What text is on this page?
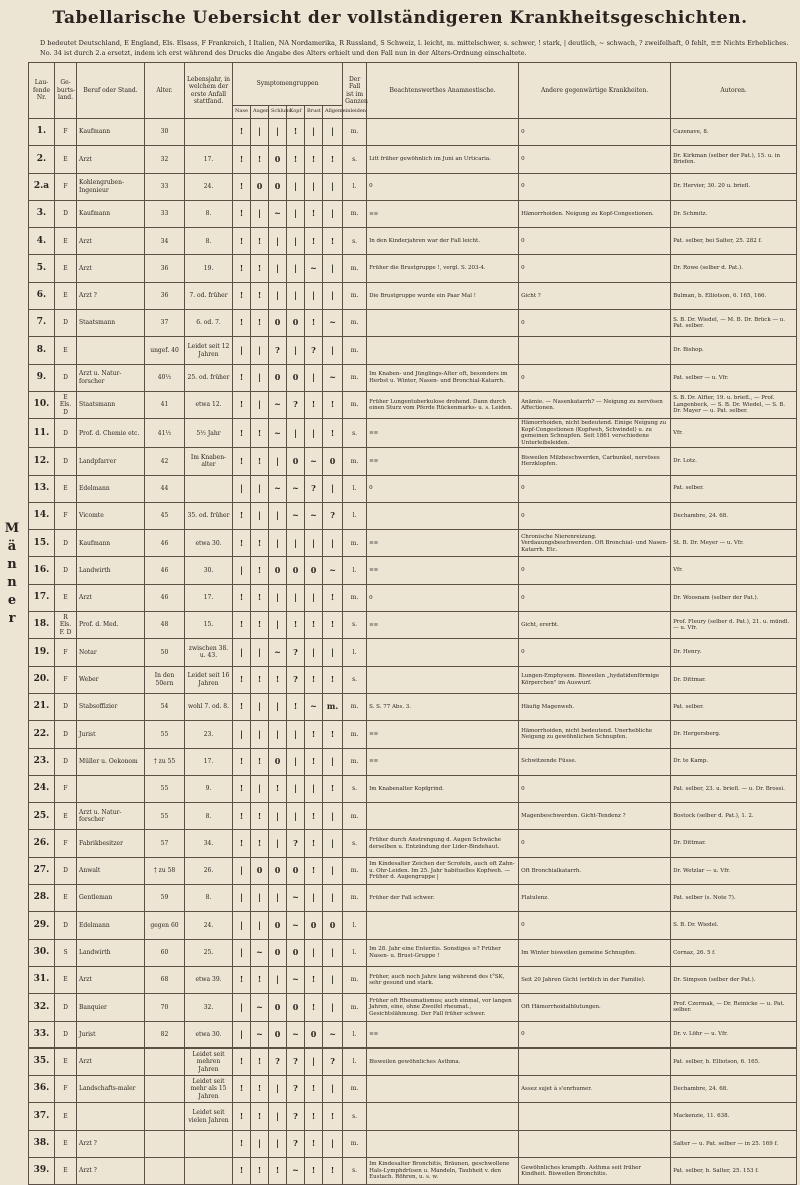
Tabellarische Uebersicht der vollständigeren Krankheitsgeschichten.
D bedeutet Deutschland, E England, Els. Elsass, F Frankreich, I Italien, NA Nordamerika, R Russland, S Schweiz, l. leicht, m. mittelschwer, s. schwer, ! stark, | deutlich, ~ schwach, ? zweifelhaft, 0 fehlt, ≡≡ Nichts Erhebliches.
No. 34 ist durch 2.a ersetzt, indem ich erst während des Drucks die Angabe des Alters erhielt und den Fall nun in der Alters-Ordnung einschaltete.
M
ä
n
n
e
r
Lau-fende Nr.	Ge-burts-land.	Beruf oder Stand.	Alter.	Lebensjahr, in welchem der erste Anfall stattfand.	Symptomengruppen						Der Fall ist im Ganzen	Beachtenswerthes Anamnestische.	Andere gegenwärtige Krankheiten.	Autoren.
					Nase	Augen	Schlund	Kopf	Brust	Allgemeinleiden				
1.	F	Kaufmann	30		!	|	|	!	|	|	m.		0	Cazenave, 8.
2.	E	Arzt	32	17.	!	!	0	!	!	!	s.	Litt früher gewöhnlich im Juni an Urticaria.	0	Dr. Kirkman (selber der Pat.), 15. u. in Briefen.
2.a	F	Kohlengruben-Ingenieur	33	24.	!	0	0	|	|	|	l.	0	0	Dr. Hervier, 30. 20 u. briefl.
3.	D	Kaufmann	33	8.	!	|	~	|	!	|	m.	≡≡	Hämorrhoiden. Neigung zu Kopf-Congestionen.	Dr. Schmitz.
4.	E	Arzt	34	8.	!	!	|	|	!	!	s.	In den Kinderjahren war der Fall leicht.	0	Pat. selber, bei Salter, 25. 282 f.
5.	E	Arzt	36	19.	!	!	|	|	~	|	m.	Früher die Brustgruppe !, vergl. S. 203-4.	0	Dr. Rowe (selber d. Pat.).
6.	E	Arzt ?	36	7. od. früher	!	!	|	|	|	|	m.	Die Brustgruppe wurde ein Paar Mal !	Gicht ?	Bulman, b. Elliotson, 6. 165, 166.
7.	D	Staatsmann	37	6. od. 7.	!	!	0	0	!	~	m.		0	S. B. Dr. Wiedel, — M. B. Dr. Brück — u. Pat. selber.
8.	E		ungef. 40	Leidet seit 12 Jahren	|	|	?	|	?	|	m.			Dr. Bishop.
9.	D	Arzt u. Natur-forscher	40½	25. od. früher	!	|	0	0	|	~	m.	Im Knaben- und Jünglings-Alter oft, besonders im Herbst u. Winter, Nasen- und Bronchial-Katarrh.	0	Pat. selber — u. Vfr.
10.	E Els. D	Staatsmann	41	etwa 12.	!	|	~	?	!	!	m.	Früher Lungentuberkulose drohend. Dann durch einen Sturz vom Pferde Rückenmarks- u. s. Leiden.	Anämie. — Nasenkatarrh? — Neigung zu nervösen Affectionen.	S. B. Dr. Alfter, 19. u. briefl., — Prof. Langenbeck, — S. B. Dr. Wiedel, — S. B. Dr. Mayer — u. Pat. selber.
11.	D	Prof. d. Chemie etc.	41½	5½ Jahr	!	!	~	|	|	!	s.	≡≡	Hämorrhoiden, nicht bedeutend. Einige Neigung zu Kopf-Congestionen (Kopfweh, Schwindel) u. zu gemeinen Schnupfen. Seit 1861 verschiedene Unterleibsleiden.	Vfr.
12.	D	Landpfarrer	42	Im Knaben-alter	!	!	|	0	~	0	m.	≡≡	Bisweilen Milzbeschwerden, Carbunkel, nervöses Herzklopfen.	Dr. Lotz.
13.	E	Edelmann	44		|	|	~	~	?	|	l.	0	0	Pat. selber.
14.	F	Vicomte	45	35. od. früher	!	|	|	~	~	?	l.		0	Dechambre, 24. 68.
15.	D	Kaufmann	46	etwa 30.	!	!	|	|	|	|	m.	≡≡	Chronische Nierenreizung. Verdauungsbeschwerden. Oft Bronchial- und Nasen-Katarrh. Etc.	St. B. Dr. Meyer — u. Vfr.
16.	D	Landwirth	46	30.	|	!	0	0	0	~	l.	≡≡	0	Vfr.
17.	E	Arzt	46	17.	!	!	|	|	|	!	m.	0	0	Dr. Woosnam (selber der Pat.).
18.	R Els. F. D	Prof. d. Med.	48	15.	!	!	|	!	!	!	s.	≡≡	Gicht, ererbt.	Prof. Fleury (selber d. Pat.), 21. u. mündl. — u. Vfr.
19.	F	Notar	50	zwischen 38. u. 43.	|	|	~	?	|	|	l.		0	Dr. Henry.
20.	F	Weber	In den 50ern	Leidet seit 16 Jahren	!	!	!	?	!	!	s.		Lungen-Emphysem. Bisweilen „hydatidenförmige Körperchen" im Auswurf.	Dr. Dittmar.
21.	D	Stabsoffizier	54	wohl 7. od. 8.	!	|	|	!	~	m.	m.	S. S. 77 Abs. 3.	Häufig Magenweh.	Pat. selber.
22.	D	Jurist	55	23.	|	|	|	|	!	!	m.	≡≡	Hämorrhoiden, nicht bedeutend. Unerhebliche Neigung zu gewöhnlichen Schnupfen.	Dr. Hergersberg.
23.	D	Müller u. Oekonom	† zu 55	17.	!	!	0	|	!	|	m.	≡≡	Schwitzende Füsse.	Dr. te Kamp.
24.	F		55	9.	!	|	!	|	|	!	s.	Im Knabenalter Kopfgrind.	0	Pat. selber, 23. u. briefl. — u. Dr. Brossi.
25.	E	Arzt u. Natur-forscher	55	8.	!	!	|	|	!	|	m.		Magenbeschwerden. Gicht-Tendenz ?	Bostock (selber d. Pat.), 1. 2.
26.	F	Fabrikbesitzer	57	34.	!	!	|	?	!	|	s.	Früher durch Anstrengung d. Augen Schwäche derselben u. Entzündung der Lider-Bindehaut.	0	Dr. Dittmar.
27.	D	Anwalt	† zu 58	26.	|	0	0	0	!	|	m.	Im Kindesalter Zeichen der Scrofeln, auch oft Zahn- u. Ohr-Leiden. Im 25. Jahr habituelles Kopfweh. — Früher d. Augengruppe |	Oft Bronchialkatarrh.	Dr. Wetzlar — u. Vfr.
28.	E	Gentleman	59	8.	|	|	|	~	|	|	m.	Früher der Fall schwer.	Flatulenz.	Pat. selber (s. Note 7).
29.	D	Edelmann	gegen 60	24.	|	|	0	~	0	0	l.		0	S. B. Dr. Wiedel.
30.	S	Landwirth	60	25.	|	~	0	0	|	|	l.	Im 28. Jahr eine Enteritis. Sonstiges ≡? Früher Nasen- u. Brust-Gruppe !	Im Winter bisweilen gemeine Schnupfen.	Cornaz, 26. 5 f.
31.	E	Arzt	68	etwa 39.	!	!	|	~	!	|	m.	Früher, auch noch Jahre lang während des t°SK, sehr gesund und stark.	Seit 20 Jahren Gicht (erblich in der Familie).	Dr. Simpson (selber der Pat.).
32.	D	Banquier	70	32.	|	~	0	0	!	|	m.	Früher oft Rheumatismus; auch einmal, vor langen Jahren, eine, ohne Zweifel rheumat., Gesichtslähmung. Der Fall früher schwer.	Oft Hämorrhoidalblutungen.	Prof. Czermak, — Dr. Reinicke — u. Pat. selber.
33.	D	Jurist	82	etwa 30.	|	~	0	~	0	~	l.	≡≡	0	Dr. v. Löhr — u. Vfr.
35.	E	Arzt		Leidet seit mehren Jahren	!	!	?	?	|	?	l.	Bisweilen gewöhnliches Asthma.		Pat. selber, b. Elliotson, 6. 165.
36.	F	Landschafts-maler		Leidet seit mehr als 15 Jahren	!	!	|	?	!	|	m.		Assez sujet à s'enrhumer.	Dechambre, 24. 68.
37.	E			Leidet seit vielen Jahren	!	!	|	?	!	!	s.			Mackenzie, 11. 638.
38.	E	Arzt ?			!	|	|	?	!	|	m.			Salter — u. Pat. selber — in 25. 169 f.
39.	E	Arzt ?			!	!	!	~	!	!	s.	Im Kindesalter Bronchitis, Bräunen, geschwollene Hals-Lymphdrüsen u. Mandeln, Taubheit v. den Eustach. Röhren, u. s. w.	Gewöhnliches krampfh. Asthma seit früher Kindheit. Bisweilen Bronchitis.	Pat. selber, b. Salter, 25. 153 f.
